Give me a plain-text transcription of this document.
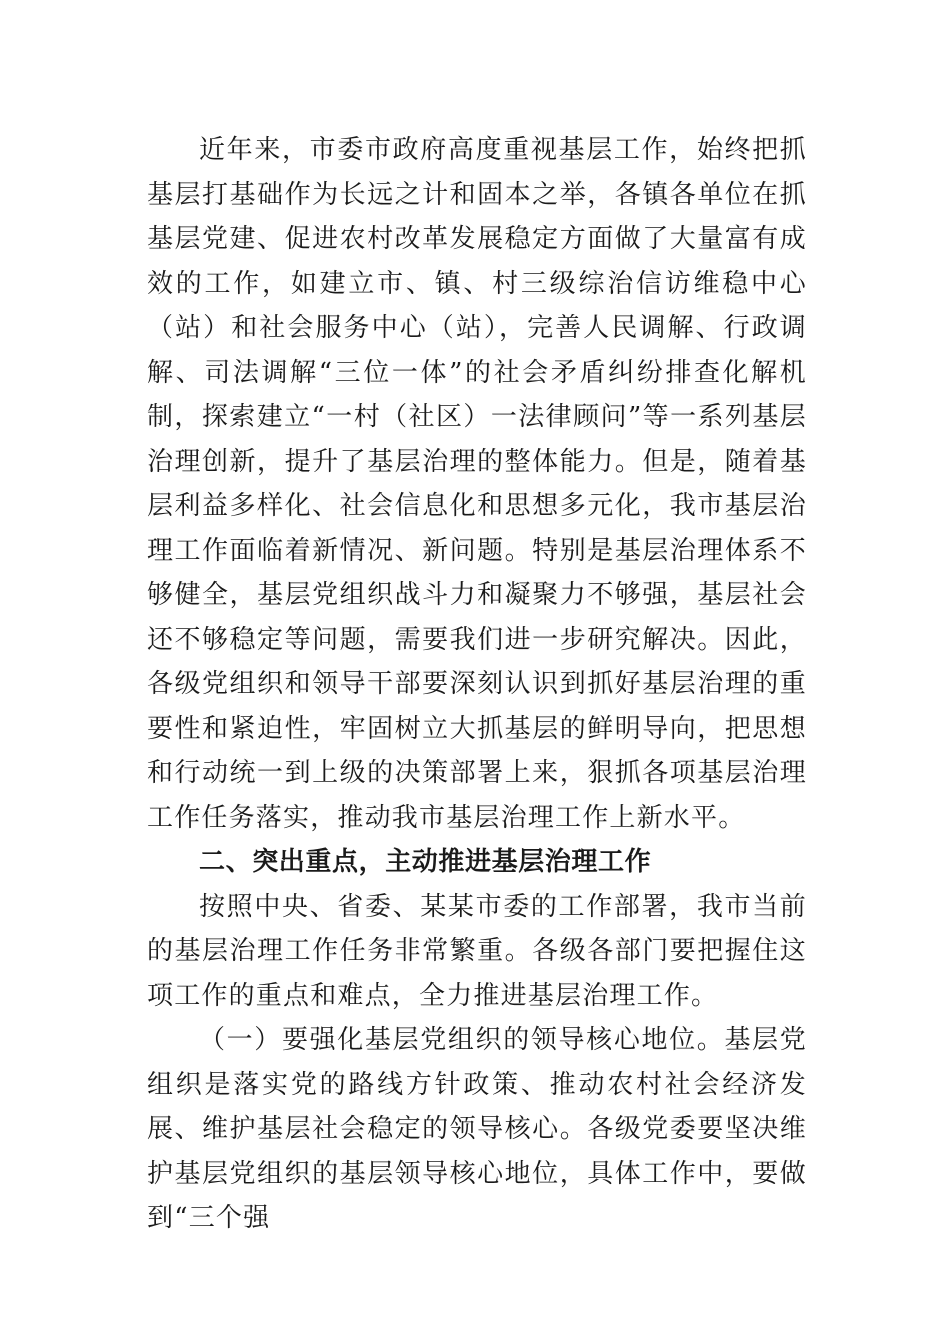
近年来，市委市政府高度重视基层工作，始终把抓基层打基础作为长远之计和固本之举，各镇各单位在抓基层党建、促进农村改革发展稳定方面做了大量富有成效的工作，如建立市、镇、村三级综治信访维稳中心（站）和社会服务中心（站），完善人民调解、行政调解、司法调解“三位一体”的社会矛盾纠纷排查化解机制，探索建立“一村（社区）一法律顾问”等一系列基层治理创新，提升了基层治理的整体能力。但是，随着基层利益多样化、社会信息化和思想多元化，我市基层治理工作面临着新情况、新问题。特别是基层治理体系不够健全，基层党组织战斗力和凝聚力不够强，基层社会还不够稳定等问题，需要我们进一步研究解决。因此，各级党组织和领导干部要深刻认识到抓好基层治理的重要性和紧迫性，牢固树立大抓基层的鲜明导向，把思想和行动统一到上级的决策部署上来，狠抓各项基层治理工作任务落实，推动我市基层治理工作上新水平。

二、突出重点，主动推进基层治理工作

按照中央、省委、某某市委的工作部署，我市当前的基层治理工作任务非常繁重。各级各部门要把握住这项工作的重点和难点，全力推进基层治理工作。

（一）要强化基层党组织的领导核心地位。基层党组织是落实党的路线方针政策、推动农村社会经济发展、维护基层社会稳定的领导核心。各级党委要坚决维护基层党组织的基层领导核心地位，具体工作中，要做到“三个强
